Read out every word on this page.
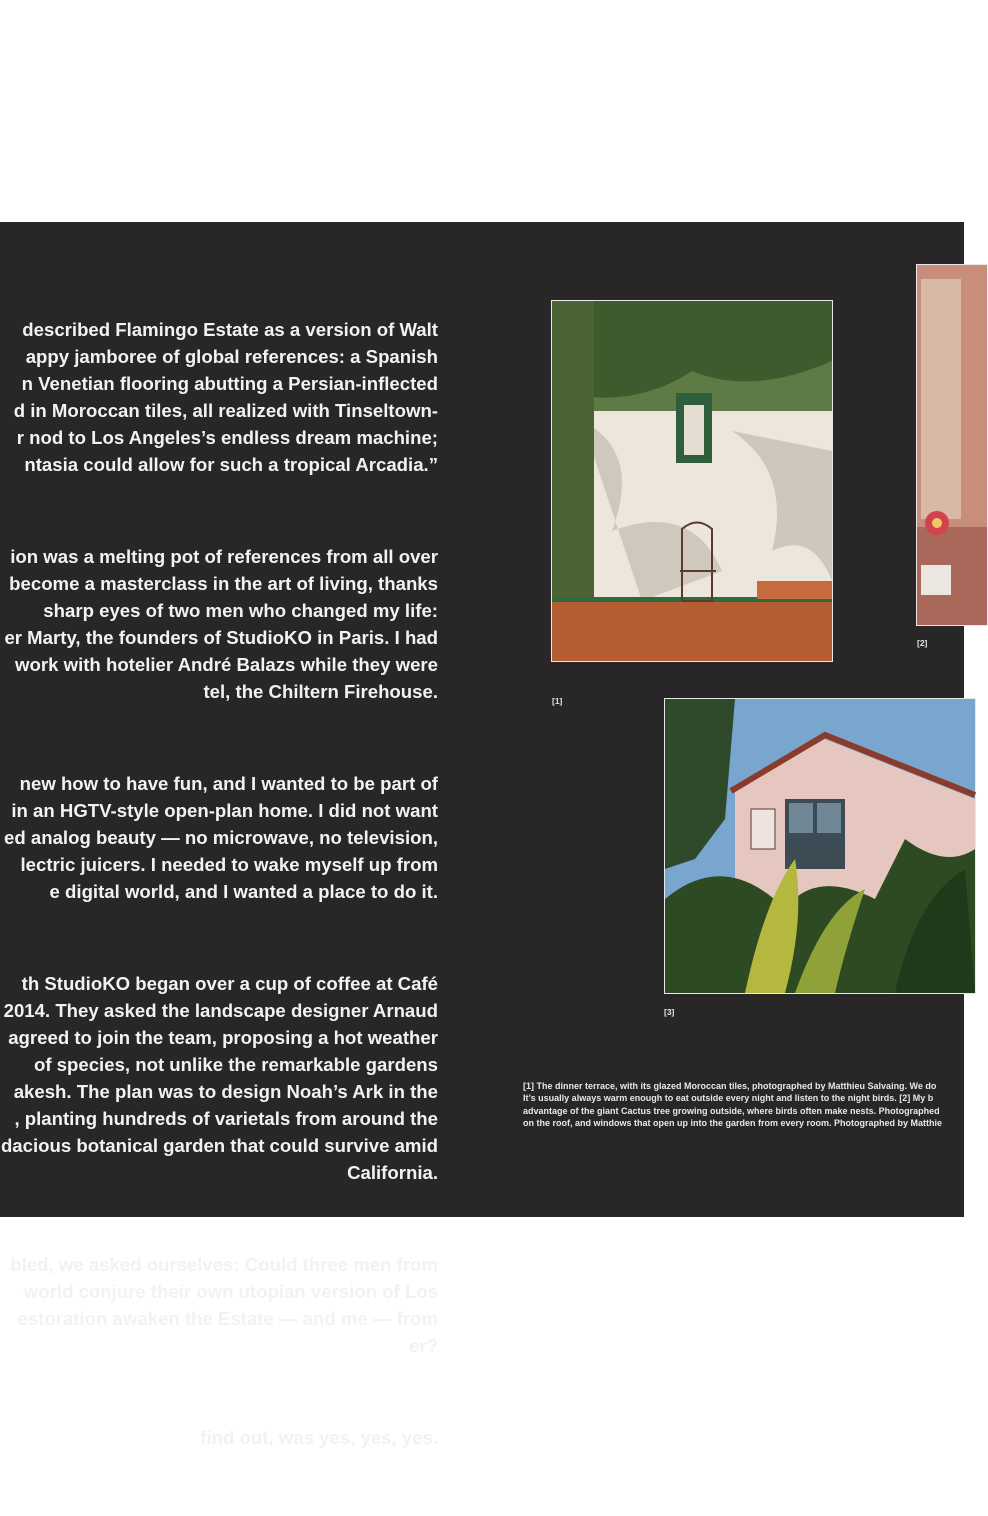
described Flamingo Estate as a version of Walt
appy jamboree of global references: a Spanish
n Venetian flooring abutting a Persian-inflected
d in Moroccan tiles, all realized with Tinseltown-
r nod to Los Angeles’s endless dream machine;
ntasia could allow for such a tropical Arcadia.”

ion was a melting pot of references from all over
become a masterclass in the art of living, thanks
sharp eyes of two men who changed my life:
er Marty, the founders of StudioKO in Paris. I had
work with hotelier André Balazs while they were
tel, the Chiltern Firehouse.

new how to have fun, and I wanted to be part of
in an HGTV-style open-plan home. I did not want
ed analog beauty — no microwave, no television,
lectric juicers. I needed to wake myself up from
e digital world, and I wanted a place to do it.

th StudioKO began over a cup of coffee at Café
2014. They asked the landscape designer Arnaud
agreed to join the team, proposing a hot weather
of species, not unlike the remarkable gardens
akesh. The plan was to design Noah’s Ark in the
, planting hundreds of varietals from around the
dacious botanical garden that could survive amid
California.

bled, we asked ourselves: Could three men from
world conjure their own utopian version of Los
estoration awaken the Estate — and me — from
er?

find out, was yes, yes, yes.

[1]
[2]
[3]
[1] The dinner terrace, with its glazed Moroccan tiles, photographed by Matthieu Salvaing. We do
It’s usually always warm enough to eat outside every night and listen to the night birds. [2] My b
advantage of the giant Cactus tree growing outside, where birds often make nests. Photographed
on the roof, and windows that open up into the garden from every room. Photographed by Matthie
